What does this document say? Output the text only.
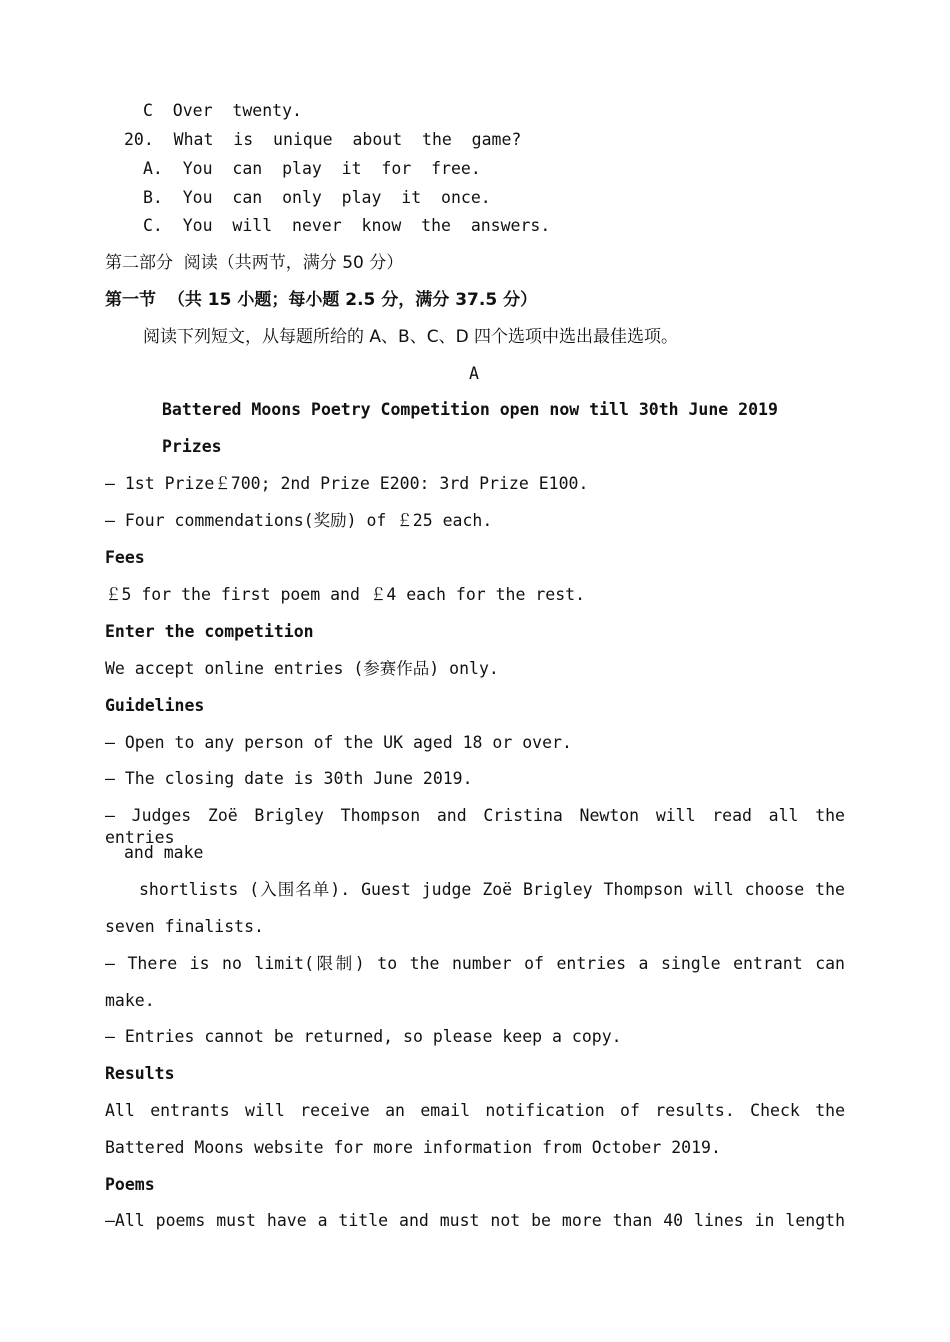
C  Over  twenty.
20.  What  is  unique  about  the  game?
A.  You  can  play  it  for  free.
B.  You  can  only  play  it  once.
C.  You  will  never  know  the  answers.
第二部分  阅读（共两节，满分 50 分）
第一节  （共 15 小题；每小题 2.5 分，满分 37.5 分）
阅读下列短文，从每题所给的 A、B、C、D 四个选项中选出最佳选项。
A
Battered Moons Poetry Competition open now till 30th June 2019
Prizes
— 1st Prize￡700; 2nd Prize E200: 3rd Prize E100.
— Four commendations(奖励) of ￡25 each.
Fees
￡5 for the first poem and ￡4 each for the rest.
Enter the competition
We accept online entries (参赛作品) only.
Guidelines
— Open to any person of the UK aged 18 or over.
— The closing date is 30th June 2019.
— Judges Zoë Brigley Thompson and Cristina Newton will read all the entries
and make
shortlists (入围名单). Guest judge Zoë Brigley Thompson will choose the
seven finalists.
— There is no limit(限制) to the number of entries a single entrant can
make.
— Entries cannot be returned, so please keep a copy.
Results
All entrants will receive an email notification of results. Check the
Battered Moons website for more information from October 2019.
Poems
—All poems must have a title and must not be more than 40 lines in length
